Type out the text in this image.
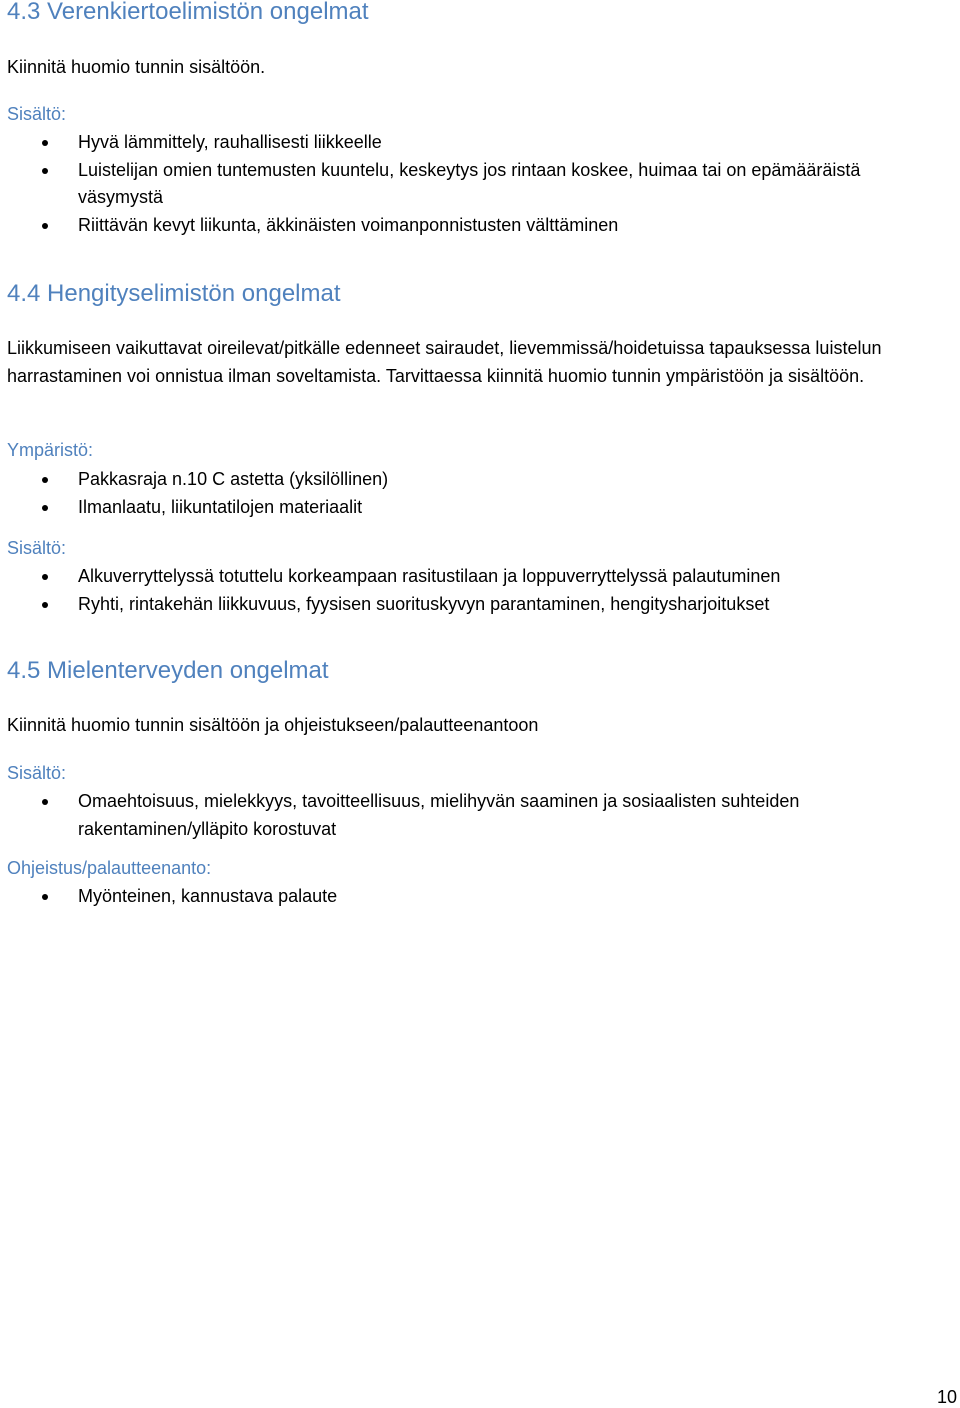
4.3 Verenkiertoelimistön ongelmat

Kiinnitä huomio tunnin sisältöön.

Sisältö:

Hyvä lämmittely, rauhallisesti liikkeelle
Luistelijan omien tuntemusten kuuntelu, keskeytys jos rintaan koskee, huimaa tai on epämääräistä väsymystä
Riittävän kevyt liikunta, äkkinäisten voimanponnistusten välttäminen
4.4 Hengityselimistön ongelmat

Liikkumiseen vaikuttavat oireilevat/pitkälle edenneet sairaudet, lievemmissä/hoidetuissa tapauksessa luistelun harrastaminen voi onnistua ilman soveltamista. Tarvittaessa kiinnitä huomio tunnin ympäristöön ja sisältöön.

Ympäristö:

Pakkasraja n.10 C astetta (yksilöllinen)
Ilmanlaatu, liikuntatilojen materiaalit

Sisältö:

Alkuverryttelyssä totuttelu korkeampaan rasitustilaan ja loppuverryttelyssä palautuminen
Ryhti, rintakehän liikkuvuus, fyysisen suorituskyvyn parantaminen, hengitysharjoitukset
4.5 Mielenterveyden ongelmat

Kiinnitä huomio tunnin sisältöön ja ohjeistukseen/palautteenantoon

Sisältö:

Omaehtoisuus, mielekkyys, tavoitteellisuus, mielihyvän saaminen ja sosiaalisten suhteiden rakentaminen/ylläpito korostuvat

Ohjeistus/palautteenanto:

Myönteinen, kannustava palaute
10
